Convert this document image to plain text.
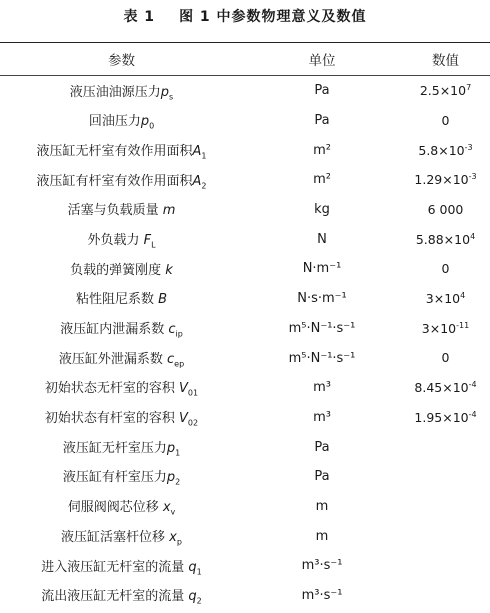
表 1 图 1 中参数物理意义及数值
参数	单位	数值
液压油油源压力$p_s$	Pa	$2.5\times 10^7$
回油压力$p_0$	Pa	0
液压缸无杆室有效作用面积$A_1$	m²	$5.8\times 10^{-3}$
液压缸有杆室有效作用面积$A_2$	m²	$1.29\times 10^{-3}$
活塞与负载质量 m	kg	6 000
外负载力 $F_L$	N	$5.88\times 10^4$
负载的弹簧刚度 k	N·m⁻¹	0
粘性阻尼系数 B	N·s·m⁻¹	$3\times 10^4$
液压缸内泄漏系数 $c_{ip}$	m⁵·N⁻¹·s⁻¹	$3\times 10^{-11}$
液压缸外泄漏系数 $c_{ep}$	m⁵·N⁻¹·s⁻¹	0
初始状态无杆室的容积 $V_{01}$	m³	$8.45\times 10^{-4}$
初始状态有杆室的容积 $V_{02}$	m³	$1.95\times 10^{-4}$
液压缸无杆室压力$p_1$	Pa	
液压缸有杆室压力$p_2$	Pa	
伺服阀阀芯位移 $x_v$	m	
液压缸活塞杆位移 $x_p$	m	
进入液压缸无杆室的流量 $q_1$	m³·s⁻¹	
流出液压缸无杆室的流量 $q_2$	m³·s⁻¹	
